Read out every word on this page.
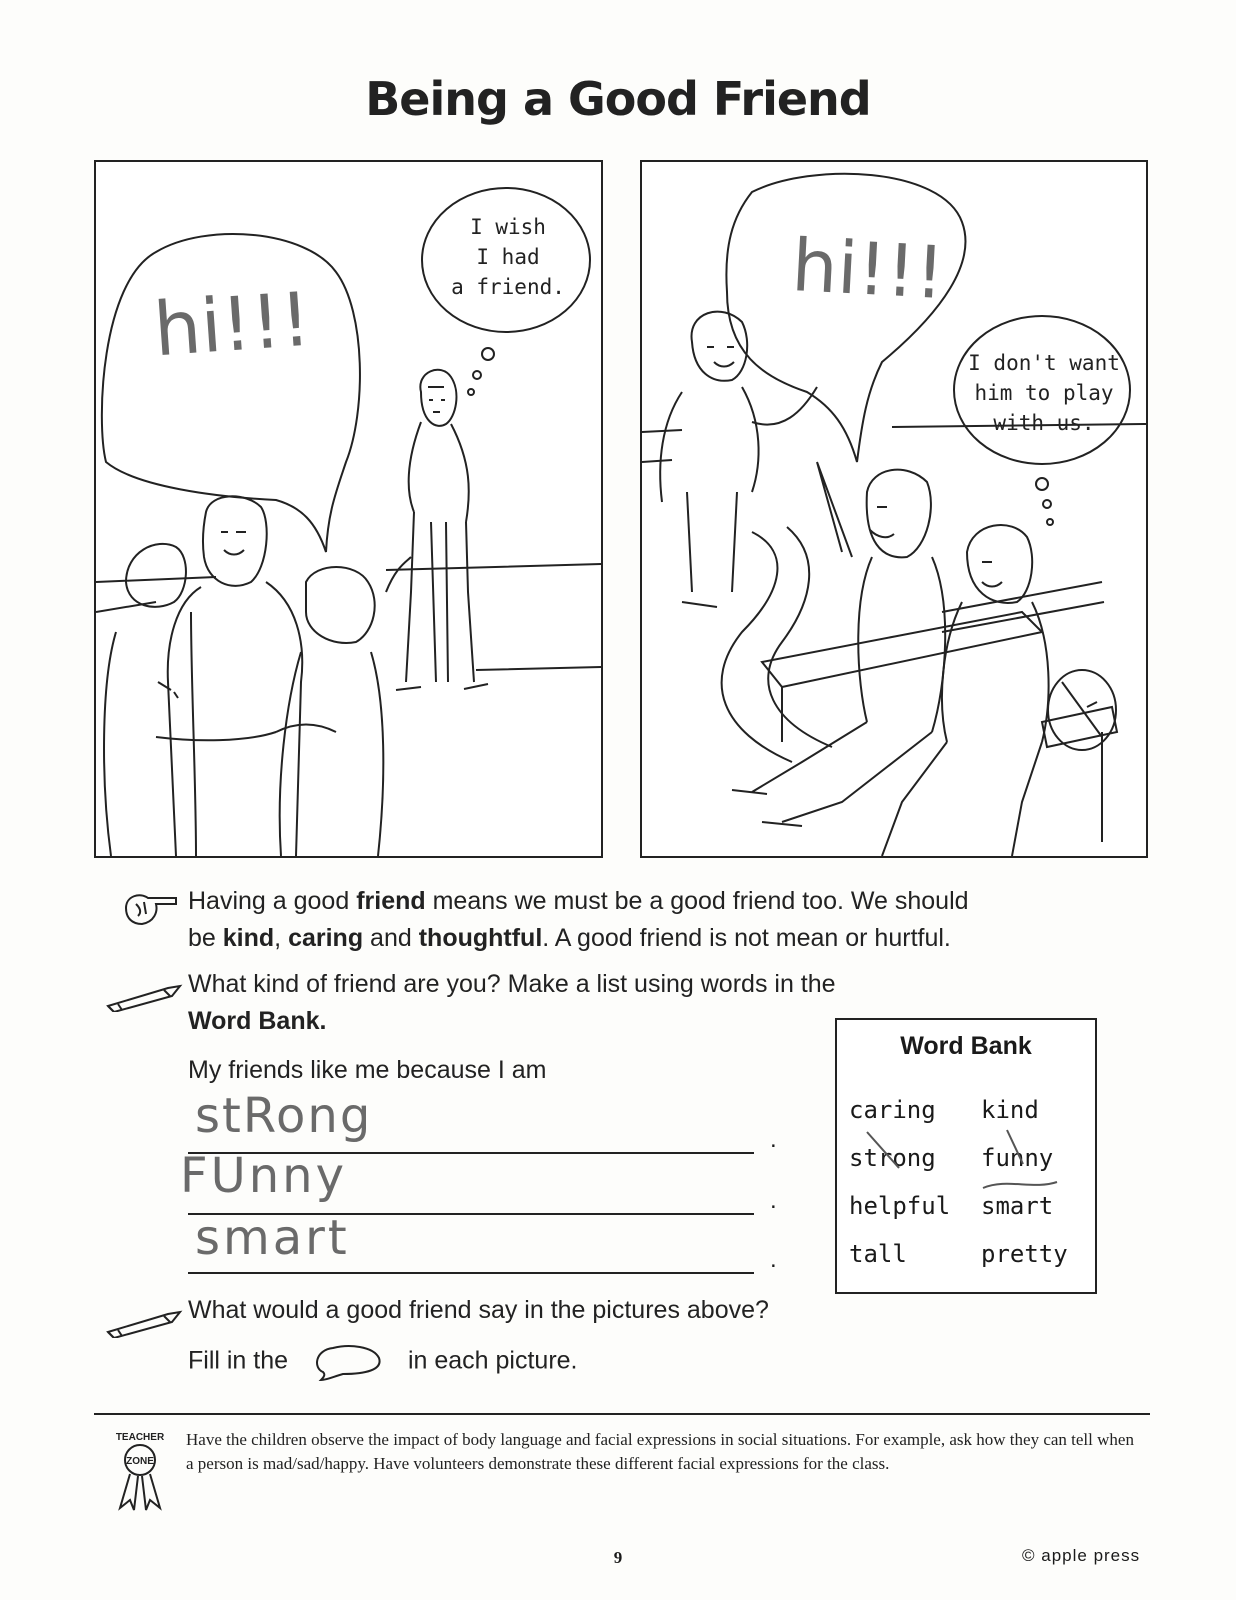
Being a Good Friend
I wish
I had
a friend.
hi!!!	I don't want
him to play
with us.
hi!!!
Having a good friend means we must be a good friend too. We should
be kind, caring and thoughtful. A good friend is not mean or hurtful.
What kind of friend are you? Make a list using words in the
Word Bank.
My friends like me because I am
stRong	.
FUnny	.
smart	.
Word Bank
caring kind
strong funny
helpful smart
tall	pretty
What would a good friend say in the pictures above?
Fill in the	in each picture.
ZONE
TEACHER Have the children observe the impact of body language and facial expressions in social situations. For example, ask how they can tell when a person is mad/sad/happy. Have volunteers demonstrate these different facial expressions for the class.
9	© apple press
